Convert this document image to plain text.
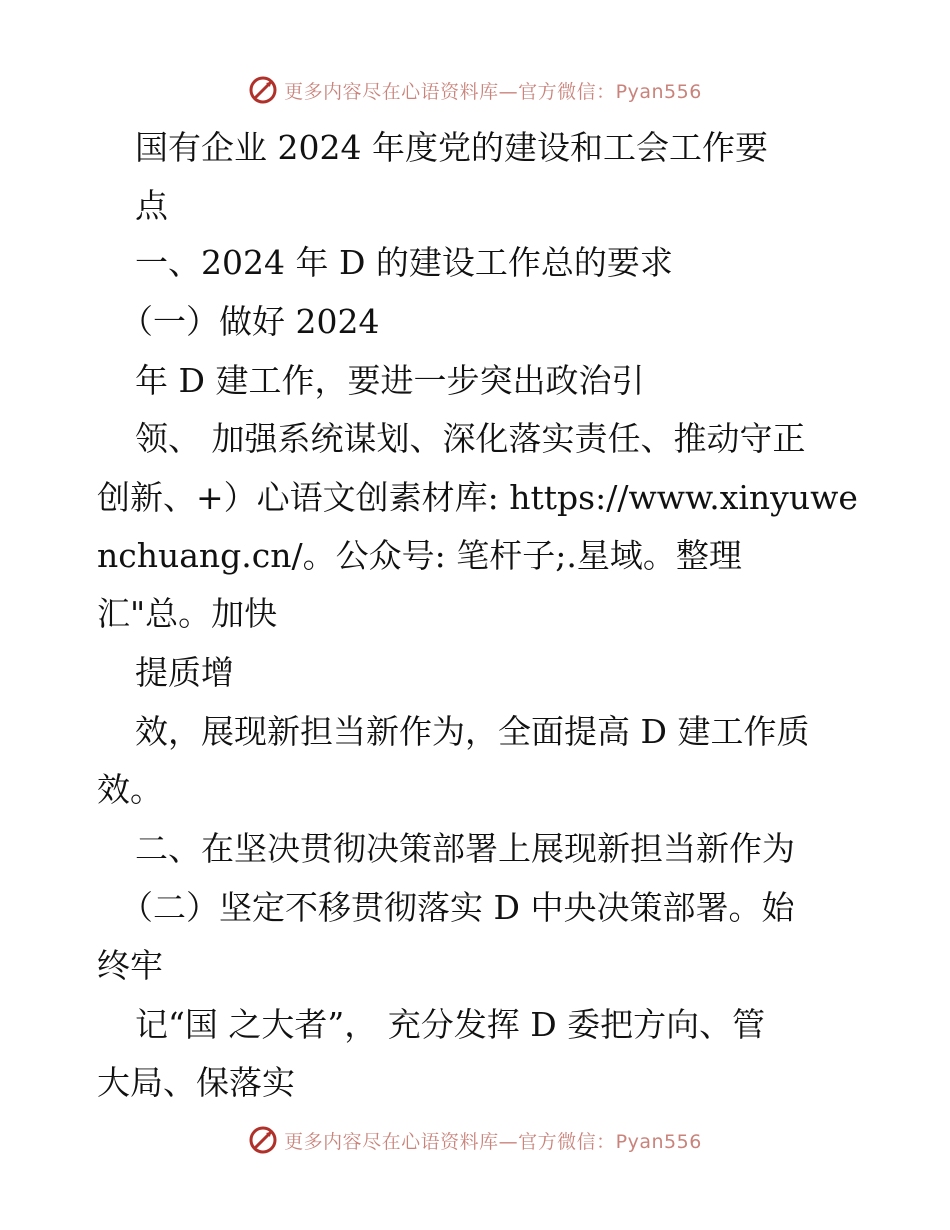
更多内容尽在心语资料库—官方微信：Pyan556
国有企业 2024 年度党的建设和工会工作要
点
一、2024 年 D 的建设工作总的要求
（一）做好 2024
年 D 建工作，要进一步突出政治引
领、 加强系统谋划、深化落实责任、推动守正
创新、+）心语文创素材库: https://www.xinyuwe
nchuang.cn/。公众号: 笔杆子;.星域。整理
汇"总。加快
提质增
效，展现新担当新作为，全面提高 D 建工作质
效。
二、在坚决贯彻决策部署上展现新担当新作为
（二）坚定不移贯彻落实 D 中央决策部署。始
终牢
记“国 之大者”， 充分发挥 D 委把方向、管
大局、保落实
更多内容尽在心语资料库—官方微信：Pyan556
